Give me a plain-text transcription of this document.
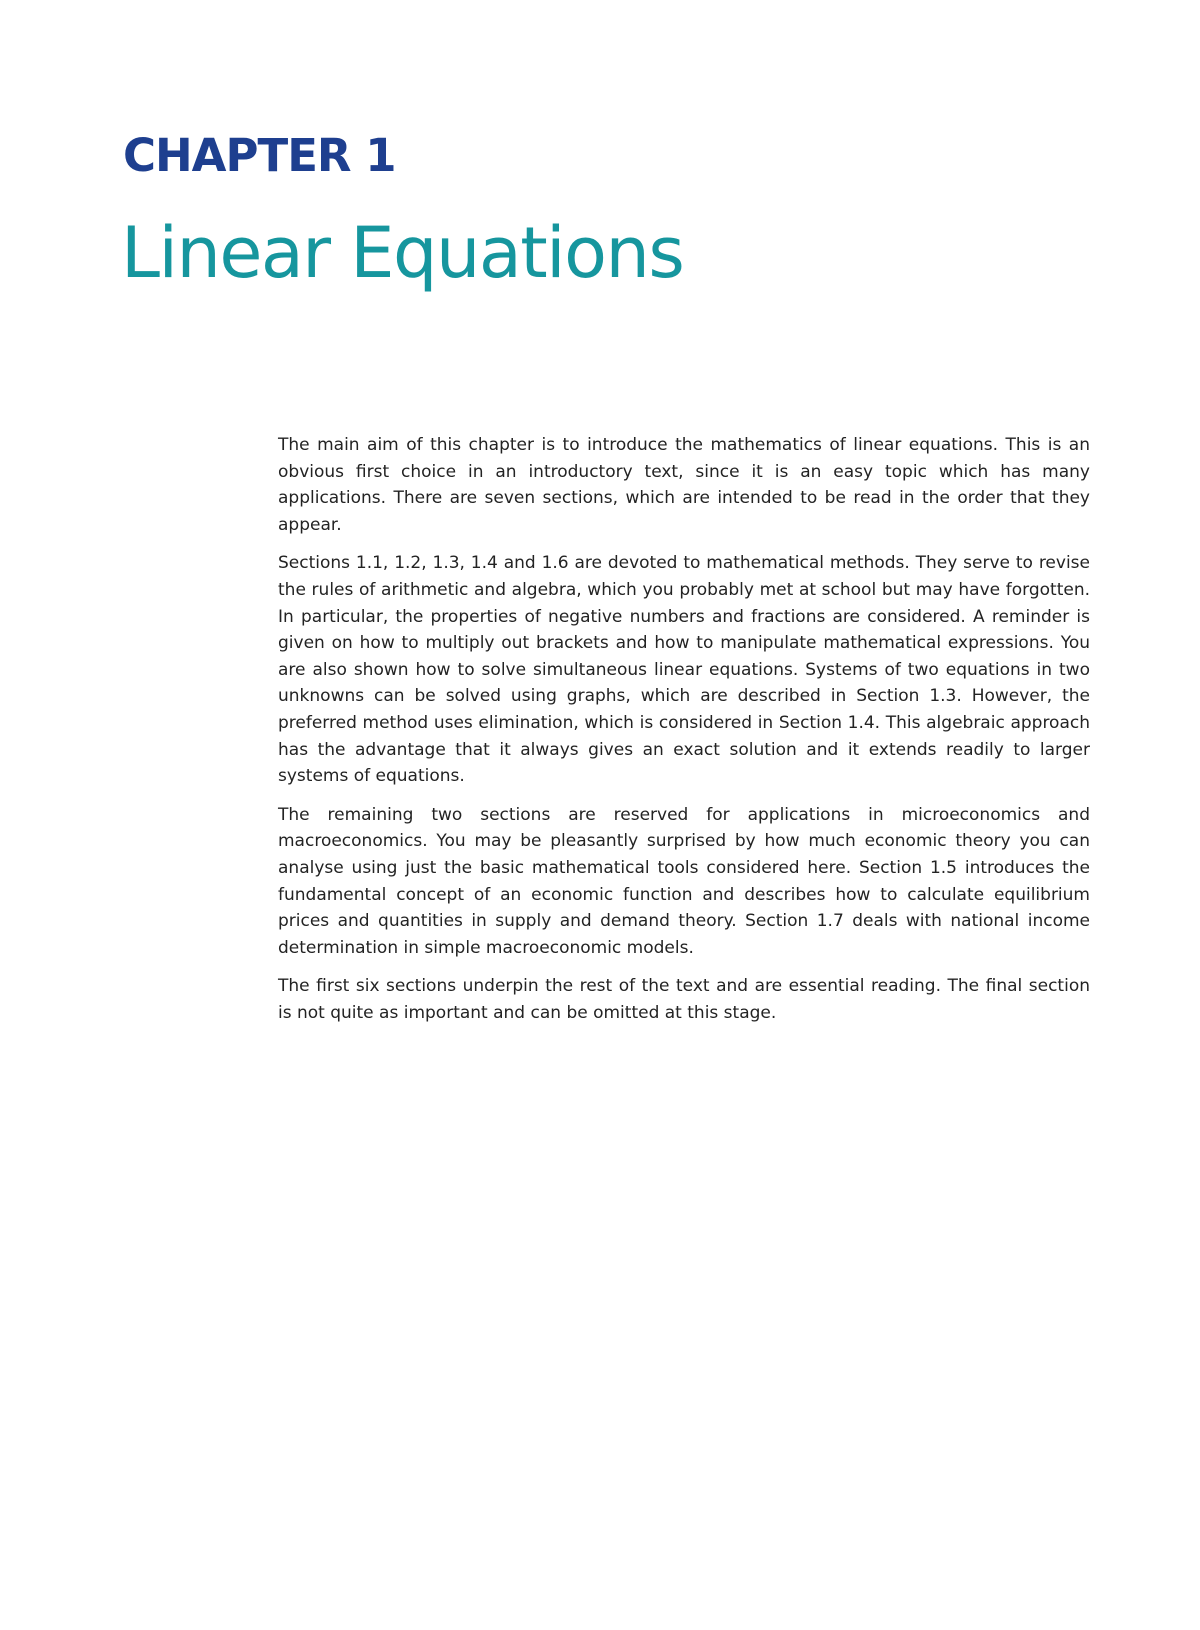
CHAPTER 1
Linear Equations

The main aim of this chapter is to introduce the mathematics of linear equations. This is an obvious first choice in an introductory text, since it is an easy topic which has many applications. There are seven sections, which are intended to be read in the order that they appear.

Sections 1.1, 1.2, 1.3, 1.4 and 1.6 are devoted to mathematical methods. They serve to revise the rules of arithmetic and algebra, which you probably met at school but may have forgotten. In particular, the properties of negative numbers and fractions are considered. A reminder is given on how to multiply out brackets and how to manipulate mathematical expressions. You are also shown how to solve simultaneous linear equations. Systems of two equations in two unknowns can be solved using graphs, which are described in Section 1.3. However, the preferred method uses elimination, which is considered in Section 1.4. This algebraic approach has the advantage that it always gives an exact solution and it extends readily to larger systems of equations.

The remaining two sections are reserved for applications in microeconomics and macroeconomics. You may be pleasantly surprised by how much economic theory you can analyse using just the basic mathematical tools considered here. Section 1.5 introduces the fundamental concept of an economic function and describes how to calculate equilibrium prices and quantities in supply and demand theory. Section 1.7 deals with national income determination in simple macroeconomic models.

The first six sections underpin the rest of the text and are essential reading. The final section is not quite as important and can be omitted at this stage.
